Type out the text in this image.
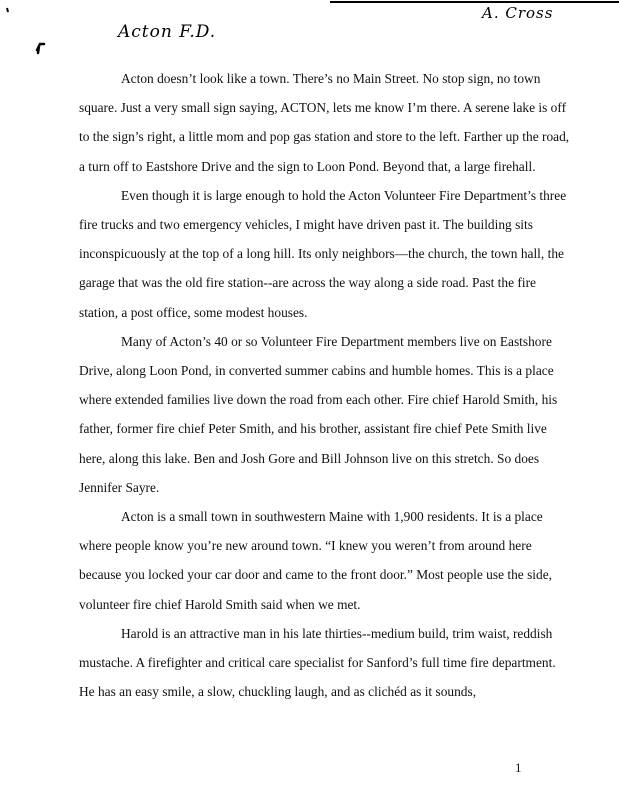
Acton F.D.
A. Cross

Acton doesn’t look like a town. There’s no Main Street. No stop sign, no town square. Just a very small sign saying, ACTON, lets me know I’m there. A serene lake is off to the sign’s right, a little mom and pop gas station and store to the left. Farther up the road, a turn off to Eastshore Drive and the sign to Loon Pond. Beyond that, a large firehall.

Even though it is large enough to hold the Acton Volunteer Fire Department’s three fire trucks and two emergency vehicles, I might have driven past it. The building sits inconspicuously at the top of a long hill. Its only neighbors—the church, the town hall, the garage that was the old fire station--are across the way along a side road. Past the fire station, a post office, some modest houses.

Many of Acton’s 40 or so Volunteer Fire Department members live on Eastshore Drive, along Loon Pond, in converted summer cabins and humble homes. This is a place where extended families live down the road from each other. Fire chief Harold Smith, his father, former fire chief Peter Smith, and his brother, assistant fire chief Pete Smith live here, along this lake. Ben and Josh Gore and Bill Johnson live on this stretch. So does Jennifer Sayre.

Acton is a small town in southwestern Maine with 1,900 residents. It is a place where people know you’re new around town. “I knew you weren’t from around here because you locked your car door and came to the front door.” Most people use the side, volunteer fire chief Harold Smith said when we met.

Harold is an attractive man in his late thirties--medium build, trim waist, reddish mustache. A firefighter and critical care specialist for Sanford’s full time fire department. He has an easy smile, a slow, chuckling laugh, and as clichéd as it sounds,

1
